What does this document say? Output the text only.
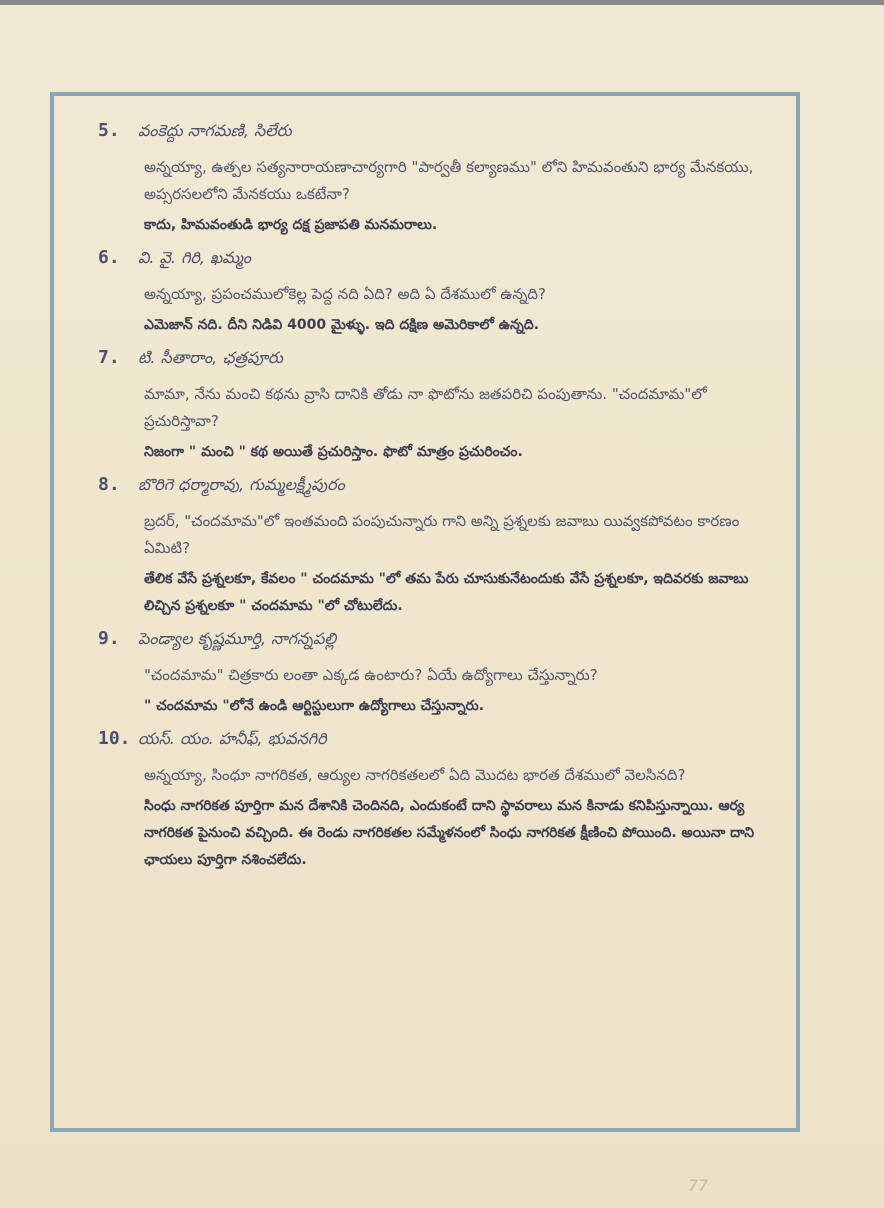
5.	వంకెద్దు నాగమణి, సిలేరు
అన్నయ్యా, ఉత్పల సత్యనారాయణాచార్యగారి "పార్వతీ కల్యాణము" లోని హిమవంతుని భార్య మేనకయు, అప్సరసలలోని మేనకయు ఒకటేనా?
కాదు, హిమవంతుడి భార్య దక్ష ప్రజాపతి మనమరాలు.
6.	వి. వై. గిరి, ఖమ్మం
అన్నయ్యా, ప్రపంచములోకెల్ల పెద్ద నది ఏది? అది ఏ దేశములో ఉన్నది?
ఎమెజాన్ నది. దీని నిడివి 4000 మైళ్ళు. ఇది దక్షిణ అమెరికాలో ఉన్నది.
7.	టి. సీతారాం, ఛత్రపూరు
మామా, నేను మంచి కథను వ్రాసి దానికి తోడు నా ఫొటోను జతపరిచి పంపుతాను. "చందమామ"లో ప్రచురిస్తావా?
నిజంగా " మంచి " కథ అయితే ప్రచురిస్తాం. ఫొటో మాత్రం ప్రచురించం.
8.	బొరిగె ధర్మారావు, గుమ్మలక్ష్మీపురం
బ్రదర్, "చందమామ"లో ఇంతమంది పంపుచున్నారు గాని అన్ని ప్రశ్నలకు జవాబు యివ్వకపోవటం కారణం ఏమిటి?
తేలిక వేసే ప్రశ్నలకూ, కేవలం " చందమామ "లో తమ పేరు చూసుకునేటందుకు వేసే ప్రశ్నలకూ, ఇదివరకు జవాబు లిచ్చిన ప్రశ్నలకూ " చందమామ "లో చోటులేదు.
9.	పెండ్యాల కృష్ణమూర్తి, నాగన్నపల్లి
"చందమామ" చిత్రకారు లంతా ఎక్కడ ఉంటారు? ఏయే ఉద్యోగాలు చేస్తున్నారు?
" చందమామ "లోనే ఉండి ఆర్టిస్టులుగా ఉద్యోగాలు చేస్తున్నారు.
10. యస్. యం. హనీఫ్, భువనగిరి
అన్నయ్యా, సింధూ నాగరికత, ఆర్యుల నాగరికతలలో ఏది మొదట భారత దేశములో వెలసినది?
సింధు నాగరికత పూర్తిగా మన దేశానికి చెందినది, ఎందుకంటే దాని స్థావరాలు మన కినాడు కనిపిస్తున్నాయి. ఆర్య నాగరికత పైనుంచి వచ్చింది. ఈ రెండు నాగరికతల సమ్మేళనంలో సింధు నాగరికత క్షీణించి పోయింది. అయినా దాని ఛాయలు పూర్తిగా నశించలేదు.
77
